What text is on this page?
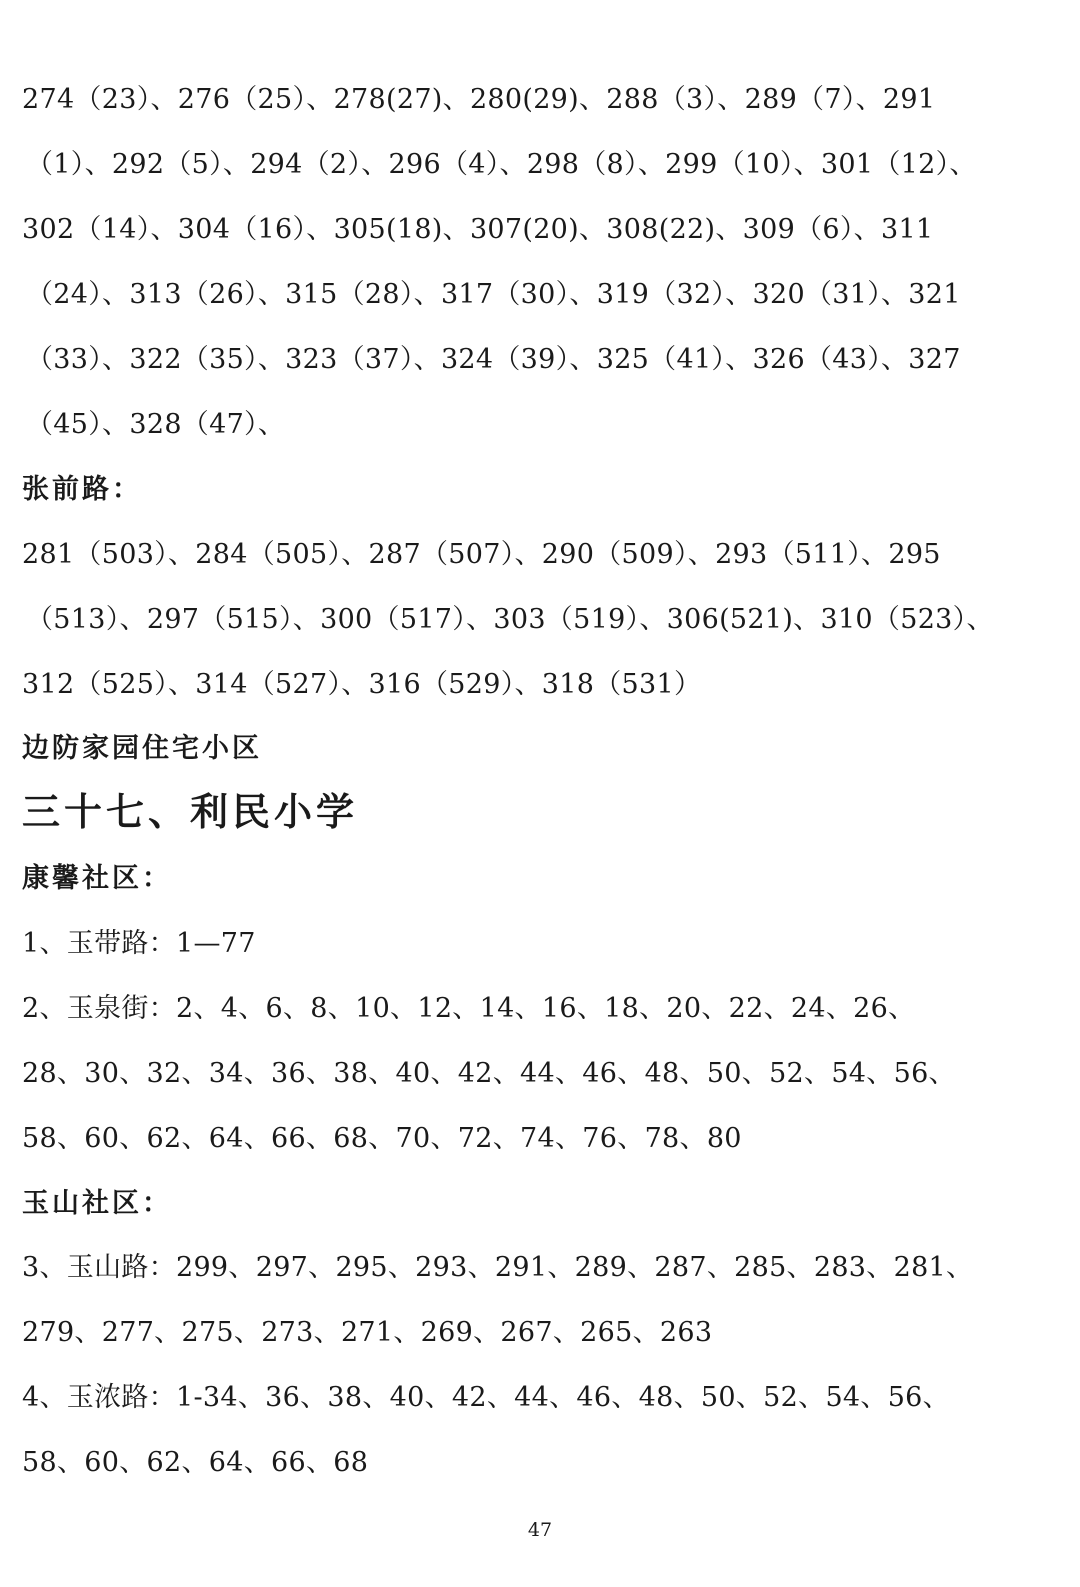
274（23）、276（25）、278(27)、280(29)、288（3）、289（7）、291
（1）、292（5）、294（2）、296（4）、298（8）、299（10）、301（12）、
302（14）、304（16）、305(18)、307(20)、308(22)、309（6）、311
（24）、313（26）、315（28）、317（30）、319（32）、320（31）、321
（33）、322（35）、323（37）、324（39）、325（41）、326（43）、327
（45）、328（47）、
张前路：
281（503）、284（505）、287（507）、290（509）、293（511）、295
（513）、297（515）、300（517）、303（519）、306(521)、310（523）、
312（525）、314（527）、316（529）、318（531）
边防家园住宅小区
三十七、利民小学
康馨社区：
1、玉带路：1—77
2、玉泉街：2、4、6、8、10、12、14、16、18、20、22、24、26、
28、30、32、34、36、38、40、42、44、46、48、50、52、54、56、
58、60、62、64、66、68、70、72、74、76、78、80
玉山社区：
3、玉山路：299、297、295、293、291、289、287、285、283、281、
279、277、275、273、271、269、267、265、263
4、玉浓路：1-34、36、38、40、42、44、46、48、50、52、54、56、
58、60、62、64、66、68
47
